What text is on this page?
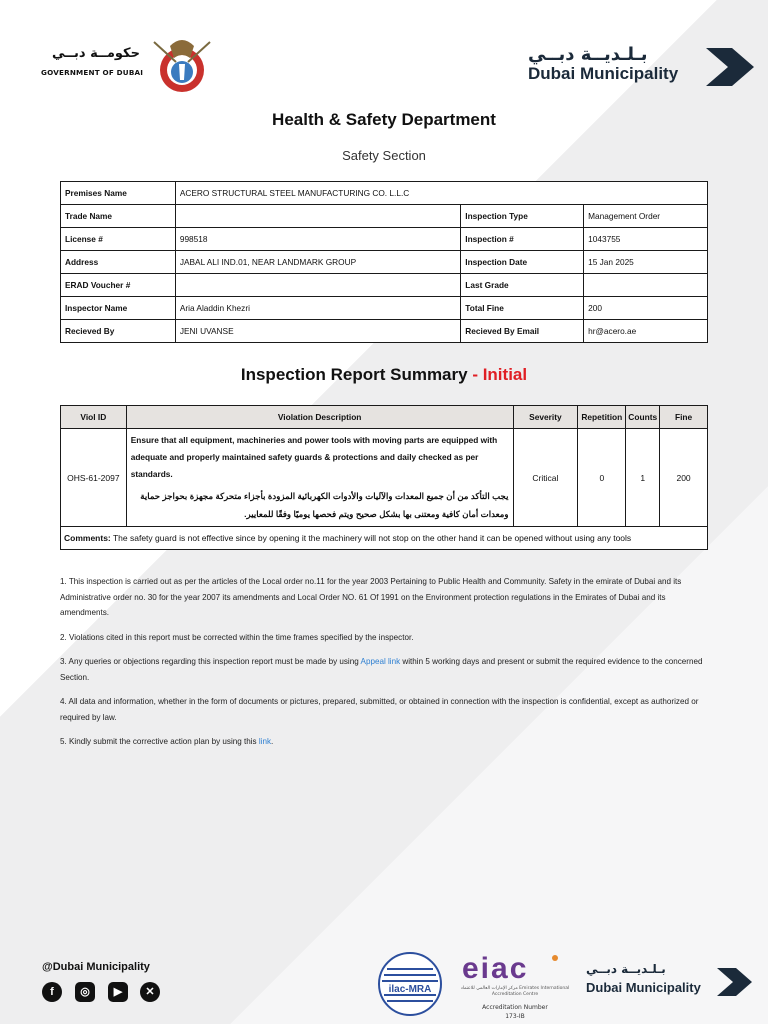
حكومــة دبــي
GOVERNMENT OF DUBAI
بـلـديــة دبــي
Dubai Municipality
Health & Safety Department
Safety Section
Premises Name	ACERO STRUCTURAL STEEL MANUFACTURING CO. L.L.C		
Trade Name		Inspection Type	Management Order
License #	998518	Inspection #	1043755
Address	JABAL ALI IND.01, NEAR LANDMARK GROUP	Inspection Date	15 Jan 2025
ERAD Voucher #		Last Grade	
Inspector Name	Aria Aladdin Khezri	Total Fine	200
Recieved By	JENI UVANSE	Recieved By Email	hr@acero.ae
Inspection Report Summary - Initial
Viol ID	Violation Description	Severity	Repetition	Counts	Fine
OHS-61-2097	Ensure that all equipment, machineries and power tools with moving parts are equipped with adequate and properly maintained safety guards & protections and daily checked as per standards.
يجب التأكد من أن جميع المعدات والآليات والأدوات الكهربائية المزودة بأجزاء متحركة مجهزة بحواجز حماية ومعدات أمان كافية ومعتنى بها بشكل صحيح ويتم فحصها يوميًا وفقًا للمعايير.	Critical	0	1	200
Comments: The safety guard is not effective since by opening it the machinery will not stop on the other hand it can be opened without using any tools					

1. This inspection is carried out as per the articles of the Local order no.11 for the year 2003 Pertaining to Public Health and Community. Safety in the emirate of Dubai and its Administrative order no. 30 for the year 2007 its amendments and Local Order NO. 61 Of 1991 on the Environment protection regulations in the Emirates of Dubai and its amendments.

2. Violations cited in this report must be corrected within the time frames specified by the inspector.

3. Any queries or objections regarding this inspection report must be made by using Appeal link within 5 working days and present or submit the required evidence to the concerned Section.

4. All data and information, whether in the form of documents or pictures, prepared, submitted, or obtained in connection with the inspection is confidential, except as authorized or required by law.

5. Kindly submit the corrective action plan by using this link.

@Dubai Municipality
f	◎	▶	✕	ilac-MRA
eiac
مركز الإمارات العالمي للاعتماد Emirates International Accreditation Centre
Accreditation Number
173-IB
بـلـديــة دبــي
Dubai Municipality
